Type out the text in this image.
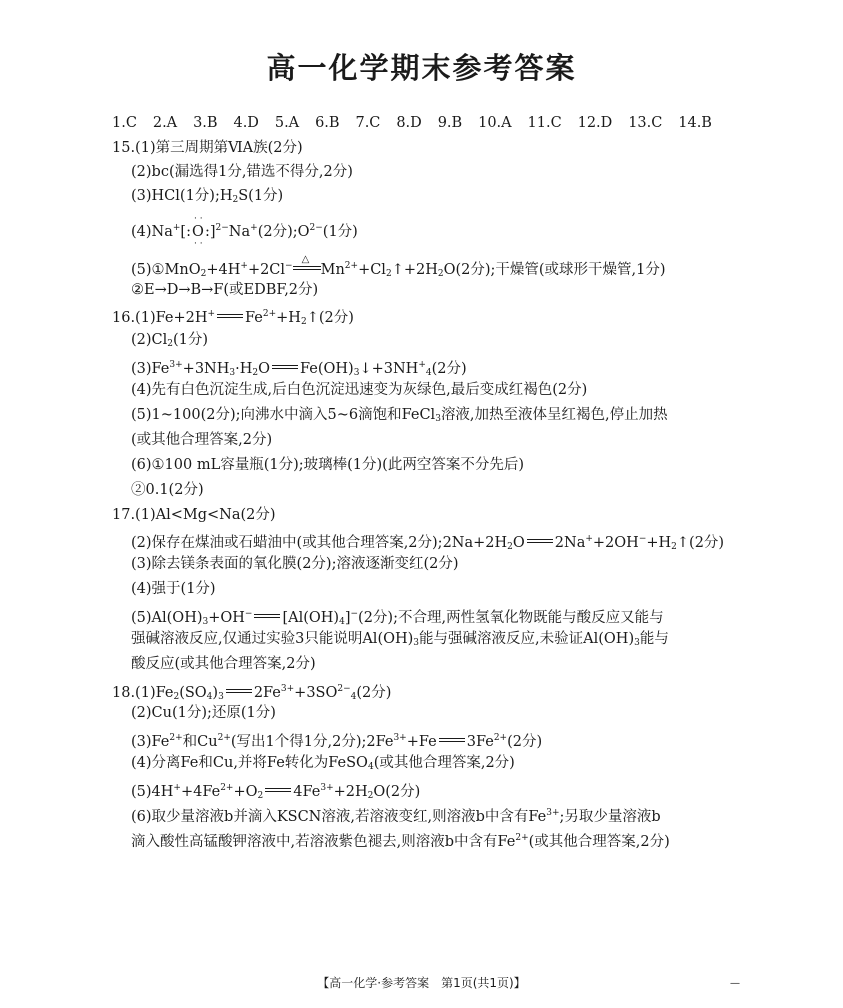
高一化学期末参考答案
1.C 2.A 3.B 4.D 5.A 6.B 7.C 8.D 9.B 10.A 11.C 12.D 13.C 14.B
15.(1)第三周期第ⅥA族(2分)
(2)bc(漏选得1分,错选不得分,2分)
(3)HCl(1分)$;H_2S(1$分)
(4)Na+[:
· ·
O
· ·
:]$^{2-}$Na+(2分)$;O^{2-}(1$分)
(5)①MnO$_2$+4H++2Cl−
△
$Mn^{2+}+Cl_2↑+2H_2O(2$分);干燥管(或球形干燥管,1分)
②E→D→B→F(或EDBF,2分)
16.(1)Fe+2H+ $Fe^{2+}+H_2↑(2$分)
$(2)Cl_2(1$分)
$(3)Fe^{3+}+3NH_3\cdot H_2O$ $Fe(OH)_3↓+3NH^+_4(2$分)
(4)先有白色沉淀生成,后白色沉淀迅速变为灰绿色,最后变成红褐色(2分)
(5)1~100(2分);向沸水中滴入5~6滴饱和FeCl$_3$溶液,加热至液体呈红褐色,停止加热
(或其他合理答案,2分)
(6)①100 mL容量瓶(1分);玻璃棒(1分)(此两空答案不分先后)
②0.1(2分)
17.(1)Al<Mg<Na(2分)
(2)保存在煤油或石蜡油中(或其他合理答案,2分)$;2Na+2H_2O$ $2Na^++2OH^-+H_2↑(2$分)
(3)除去镁条表面的氧化膜(2分);溶液逐渐变红(2分)
(4)强于(1分)
$(5)Al(OH)_3+OH^-$ $[Al(OH)_4]^-(2$分);不合理,两性氢氧化物既能与酸反应又能与
强碱溶液反应,仅通过实验3只能说明$Al(OH)_3$能与强碱溶液反应,未验证$Al(OH)_3$能与
酸反应(或其他合理答案,2分)
$18.(1)Fe_2(SO_4)_3$ $2Fe^{3+}+3SO^{2-}_4(2$分)
(2)Cu(1分);还原(1分)
$(3)Fe^{2+}$和$Cu^{2+}$(写出1个得1分,2分)$;2Fe^{3+}+Fe$ $3Fe^{2+}(2$分)
(4)分离Fe和Cu,并将Fe转化为FeSO$_4$(或其他合理答案,2分)
$(5)4H^++4Fe^{2+}+O_2$ $4Fe^{3+}+2H_2O(2$分)
(6)取少量溶液b并滴入KSCN溶液,若溶液变红,则溶液b中含有$Fe^{3+}$;另取少量溶液b
滴入酸性高锰酸钾溶液中,若溶液紫色褪去,则溶液b中含有$Fe^{2+}$(或其他合理答案,2分)
【高一化学·参考答案　第1页(共1页)】	—
